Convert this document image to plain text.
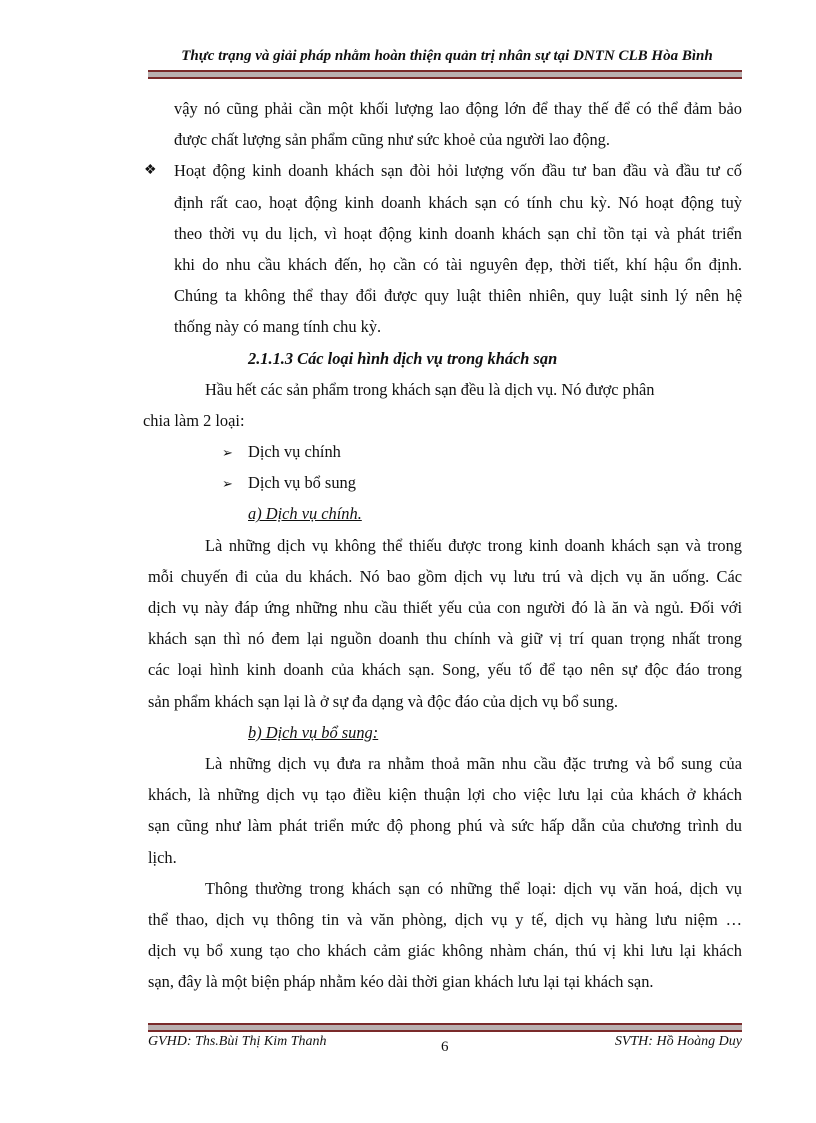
Thực trạng và giải pháp nhằm hoàn thiện quản trị nhân sự tại DNTN CLB Hòa Bình
vậy nó cũng phải cần một khối lượng lao động lớn để thay thế để có thể đảm bảo
được chất lượng sản phẩm cũng như sức khoẻ của người lao động.
❖ Hoạt động kinh doanh khách sạn đòi hỏi lượng vốn đầu tư ban đầu và đầu tư cố
định rất cao, hoạt động kinh doanh khách sạn có tính chu kỳ. Nó hoạt động tuỳ
theo thời vụ du lịch, vì hoạt động kinh doanh khách sạn chỉ tồn tại và phát triển
khi do nhu cầu khách đến, họ cần có tài nguyên đẹp, thời tiết, khí hậu ổn định.
Chúng ta không thể thay đổi được quy luật thiên nhiên, quy luật sinh lý nên hệ
thống này có mang tính chu kỳ.
2.1.1.3 Các loại hình dịch vụ trong khách sạn
Hầu hết các sản phẩm trong khách sạn đều là dịch vụ. Nó được phân
chia làm 2 loại:
➢ Dịch vụ chính
➢ Dịch vụ bổ sung
a) Dịch vụ chính.
Là những dịch vụ không thể thiếu được trong kinh doanh khách sạn và trong
mỗi chuyến đi của du khách. Nó bao gồm dịch vụ lưu trú và dịch vụ ăn uống. Các
dịch vụ này đáp ứng những nhu cầu thiết yếu của con người đó là ăn và ngủ. Đối với
khách sạn thì nó đem lại nguồn doanh thu chính và giữ vị trí quan trọng nhất trong
các loại hình kinh doanh của khách sạn. Song, yếu tố để tạo nên sự độc đáo trong
sản phẩm khách sạn lại là ở sự đa dạng và độc đáo của dịch vụ bổ sung.
b) Dịch vụ bổ sung:
Là những dịch vụ đưa ra nhằm thoả mãn nhu cầu đặc trưng và bổ sung của
khách, là những dịch vụ tạo điều kiện thuận lợi cho việc lưu lại của khách ở khách
sạn cũng như làm phát triển mức độ phong phú và sức hấp dẫn của chương trình du
lịch.
Thông thường trong khách sạn có những thể loại: dịch vụ văn hoá, dịch vụ
thể thao, dịch vụ thông tin và văn phòng, dịch vụ y tế, dịch vụ hàng lưu niệm …
dịch vụ bổ xung tạo cho khách cảm giác không nhàm chán, thú vị khi lưu lại khách
sạn, đây là một biện pháp nhằm kéo dài thời gian khách lưu lại tại khách sạn.
GVHD: Ths.Bùi Thị Kim Thanh	6	SVTH: Hồ Hoàng Duy
